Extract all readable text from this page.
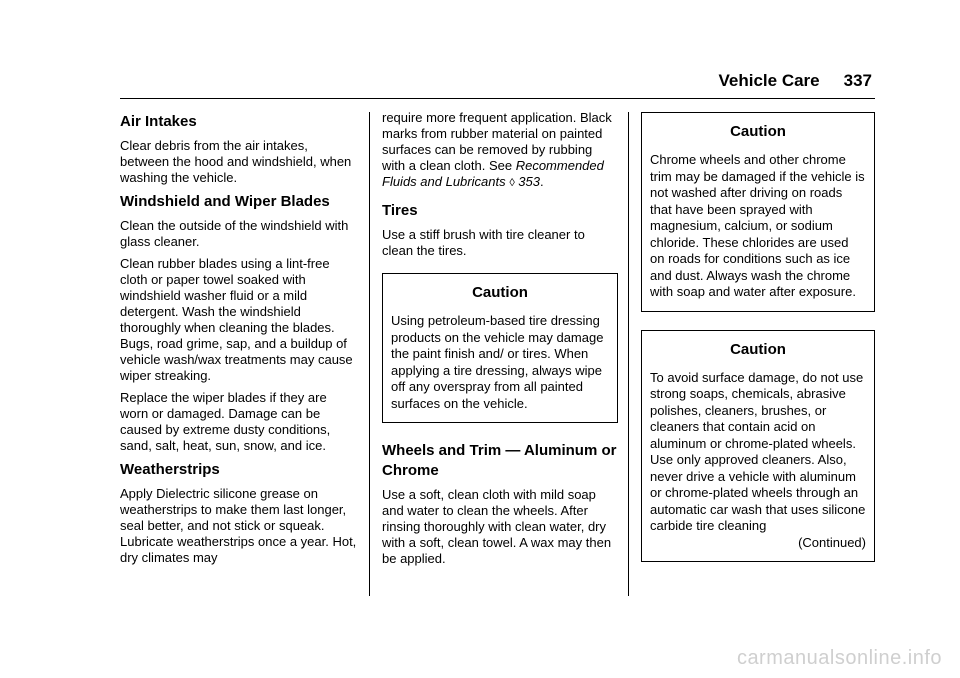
Vehicle Care 337
Air Intakes

Clear debris from the air intakes, between the hood and windshield, when washing the vehicle.

Windshield and Wiper Blades

Clean the outside of the windshield with glass cleaner.

Clean rubber blades using a lint-free cloth or paper towel soaked with windshield washer fluid or a mild detergent. Wash the windshield thoroughly when cleaning the blades. Bugs, road grime, sap, and a buildup of vehicle wash/wax treatments may cause wiper streaking.

Replace the wiper blades if they are worn or damaged. Damage can be caused by extreme dusty conditions, sand, salt, heat, sun, snow, and ice.

Weatherstrips

Apply Dielectric silicone grease on weatherstrips to make them last longer, seal better, and not stick or squeak. Lubricate weatherstrips once a year. Hot, dry climates may

require more frequent application. Black marks from rubber material on painted surfaces can be removed by rubbing with a clean cloth. See Recommended Fluids and Lubricants ◊ 353.

Tires

Use a stiff brush with tire cleaner to clean the tires.

Caution

Using petroleum-based tire dressing products on the vehicle may damage the paint finish and/ or tires. When applying a tire dressing, always wipe off any overspray from all painted surfaces on the vehicle.

Wheels and Trim — Aluminum or Chrome

Use a soft, clean cloth with mild soap and water to clean the wheels. After rinsing thoroughly with clean water, dry with a soft, clean towel. A wax may then be applied.

Caution

Chrome wheels and other chrome trim may be damaged if the vehicle is not washed after driving on roads that have been sprayed with magnesium, calcium, or sodium chloride. These chlorides are used on roads for conditions such as ice and dust. Always wash the chrome with soap and water after exposure.

Caution

To avoid surface damage, do not use strong soaps, chemicals, abrasive polishes, cleaners, brushes, or cleaners that contain acid on aluminum or chrome-plated wheels. Use only approved cleaners. Also, never drive a vehicle with aluminum or chrome-plated wheels through an automatic car wash that uses silicone carbide tire cleaning

(Continued)
carmanualsonline.info
